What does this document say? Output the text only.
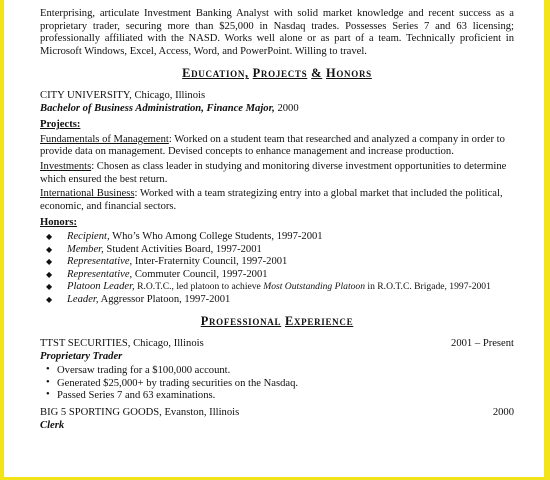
Enterprising, articulate Investment Banking Analyst with solid market knowledge and recent success as a proprietary trader, securing more than $25,000 in Nasdaq trades. Possesses Series 7 and 63 licensing; professionally affiliated with the NASD. Works well alone or as part of a team. Technically proficient in Microsoft Windows, Excel, Access, Word, and PowerPoint. Willing to travel.
Education, Projects & Honors
CITY UNIVERSITY, Chicago, Illinois
Bachelor of Business Administration, Finance Major, 2000
Projects:
Fundamentals of Management: Worked on a student team that researched and analyzed a company in order to provide data on management. Devised concepts to enhance management and increase production.
Investments: Chosen as class leader in studying and monitoring diverse investment opportunities to determine which ensured the best return.
International Business: Worked with a team strategizing entry into a global market that included the political, economic, and financial sectors.
Honors:
◆ Recipient, Who’s Who Among College Students, 1997-2001
◆ Member, Student Activities Board, 1997-2001
◆ Representative, Inter-Fraternity Council, 1997-2001
◆ Representative, Commuter Council, 1997-2001
◆ Platoon Leader, R.O.T.C., led platoon to achieve Most Outstanding Platoon in R.O.T.C. Brigade, 1997-2001
◆ Leader, Aggressor Platoon, 1997-2001
Professional Experience
TTST SECURITIES, Chicago, Illinois	2001 – Present
Proprietary Trader
• Oversaw trading for a $100,000 account.
• Generated $25,000+ by trading securities on the Nasdaq.
• Passed Series 7 and 63 examinations.
BIG 5 SPORTING GOODS, Evanston, Illinois	2000
Clerk
